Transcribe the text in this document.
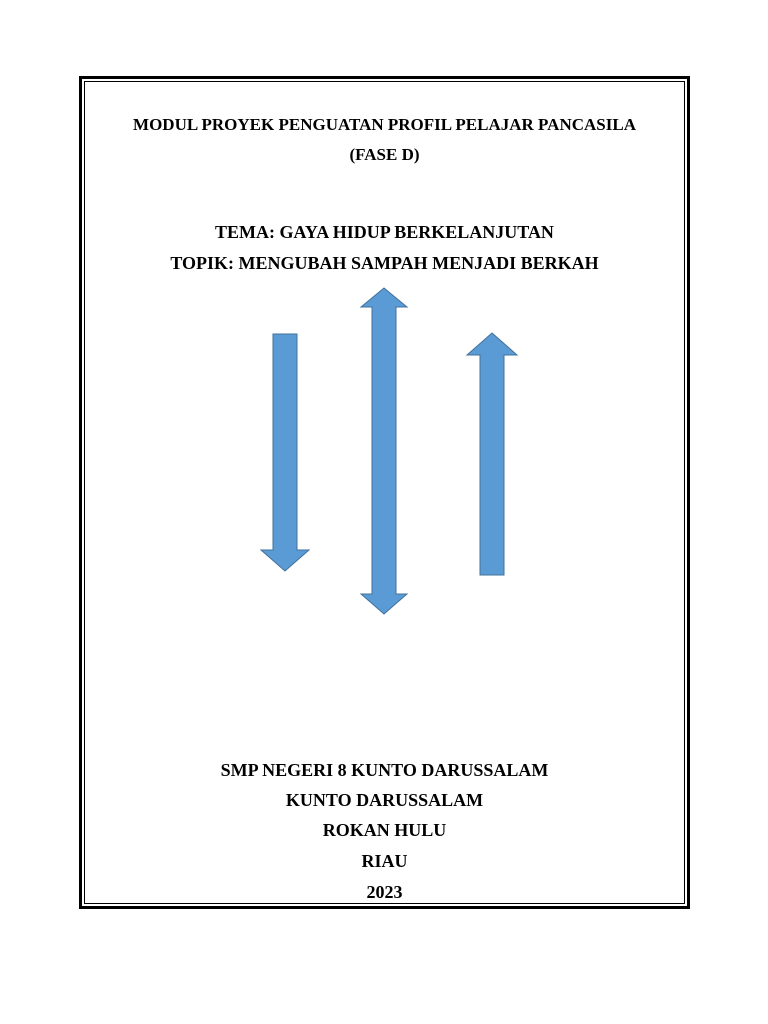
MODUL PROYEK PENGUATAN PROFIL PELAJAR PANCASILA
(FASE D)
TEMA: GAYA HIDUP BERKELANJUTAN
TOPIK: MENGUBAH SAMPAH MENJADI BERKAH
SMP NEGERI 8 KUNTO DARUSSALAM
KUNTO DARUSSALAM
ROKAN HULU
RIAU
2023
